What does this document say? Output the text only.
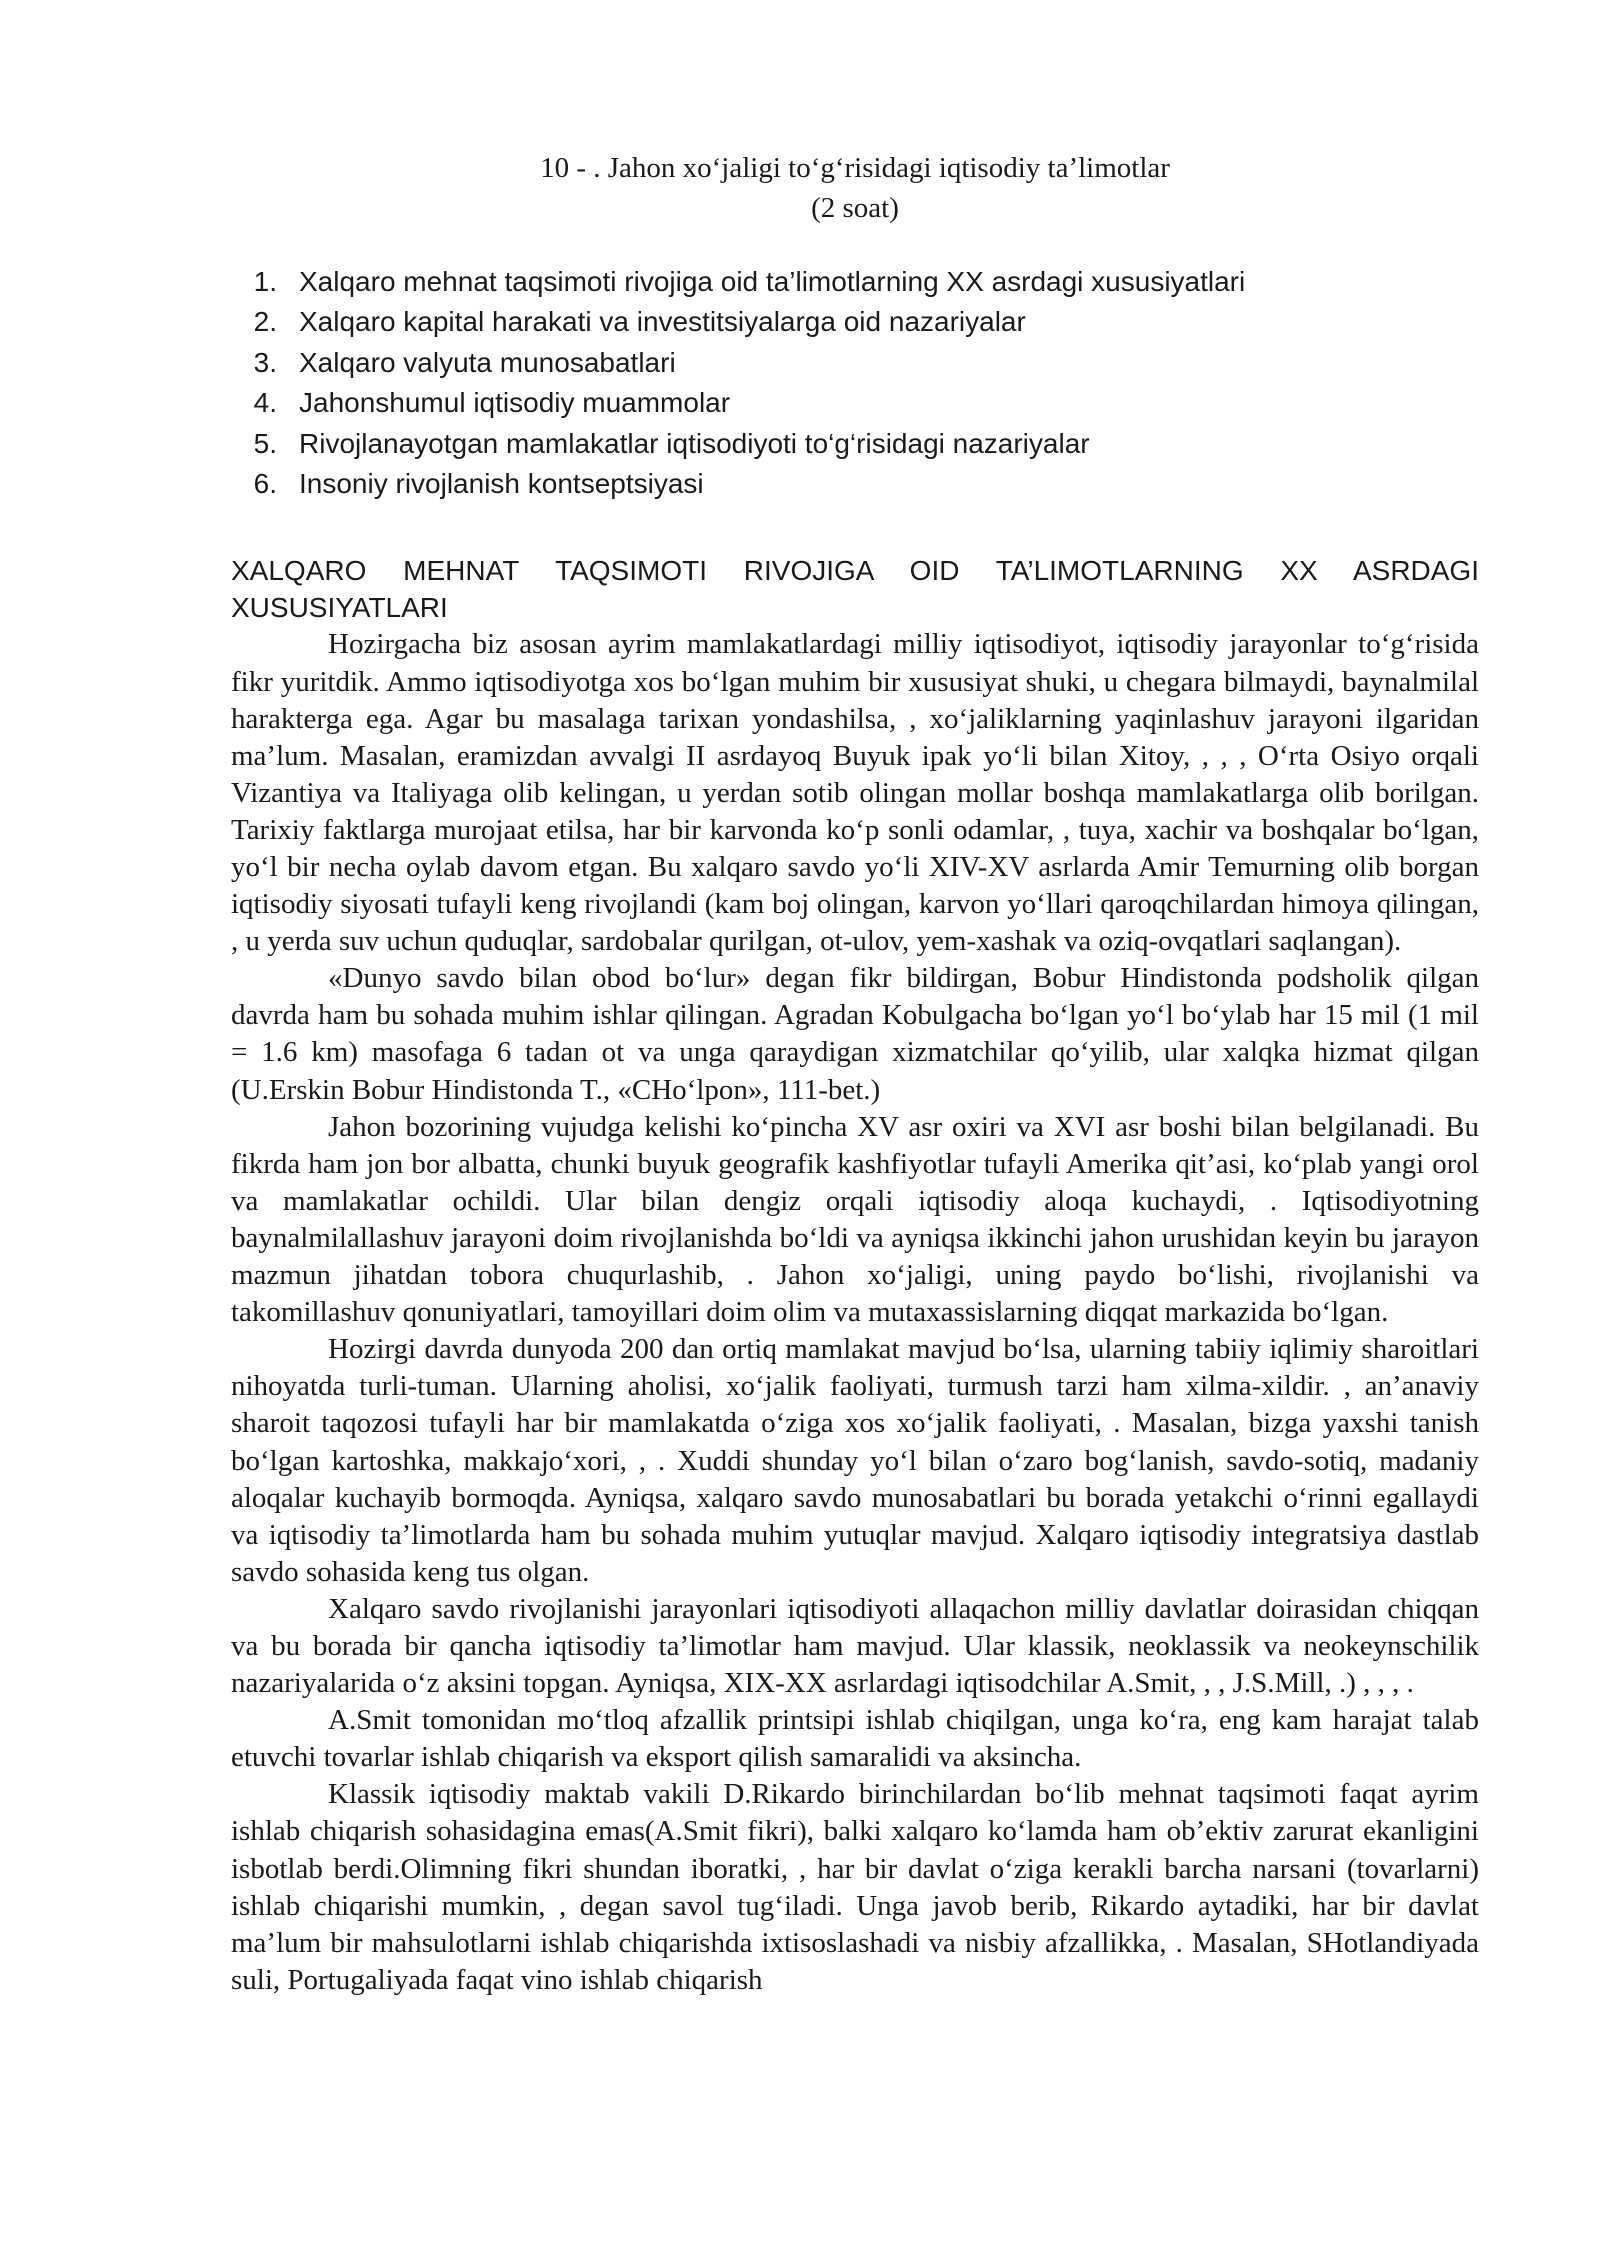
10 - . Jahon xo‘jaligi to‘g‘risidagi iqtisodiy ta’limotlar
(2 soat)
1. Xalqaro mehnat taqsimoti rivojiga oid ta’limotlarning XX asrdagi xususiyatlari
2. Xalqaro kapital harakati va investitsiyalarga oid nazariyalar
3. Xalqaro valyuta munosabatlari
4. Jahonshumul iqtisodiy muammolar
5. Rivojlanayotgan mamlakatlar iqtisodiyoti to‘g‘risidagi nazariyalar
6. Insoniy rivojlanish kontseptsiyasi
XALQARO MEHNAT TAQSIMOTI RIVOJIGA OID TA’LIMOTLARNING XX ASRDAGI XUSUSIYATLARI

Hozirgacha biz asosan ayrim mamlakatlardagi milliy iqtisodiyot, iqtisodiy jarayonlar to‘g‘risida fikr yuritdik. Ammo iqtisodiyotga xos bo‘lgan muhim bir xususiyat shuki, u chegara bilmaydi, baynalmilal harakterga ega. Agar bu masalaga tarixan yondashilsa, , xo‘jaliklarning yaqinlashuv jarayoni ilgaridan ma’lum. Masalan, eramizdan avvalgi II asrdayoq Buyuk ipak yo‘li bilan Xitoy, , , , O‘rta Osiyo orqali Vizantiya va Italiyaga olib kelingan, u yerdan sotib olingan mollar boshqa mamlakatlarga olib borilgan. Tarixiy faktlarga murojaat etilsa, har bir karvonda ko‘p sonli odamlar, , tuya, xachir va boshqalar bo‘lgan, yo‘l bir necha oylab davom etgan. Bu xalqaro savdo yo‘li XIV-XV asrlarda Amir Temurning olib borgan iqtisodiy siyosati tufayli keng rivojlandi (kam boj olingan, karvon yo‘llari qaroqchilardan himoya qilingan, , u yerda suv uchun quduqlar, sardobalar qurilgan, ot-ulov, yem-xashak va oziq-ovqatlari saqlangan).

«Dunyo savdo bilan obod bo‘lur» degan fikr bildirgan, Bobur Hindistonda podsholik qilgan davrda ham bu sohada muhim ishlar qilingan. Agradan Kobulgacha bo‘lgan yo‘l bo‘ylab har 15 mil (1 mil = 1.6 km) masofaga 6 tadan ot va unga qaraydigan xizmatchilar qo‘yilib, ular xalqka hizmat qilgan (U.Erskin Bobur Hindistonda T., «CHo‘lpon», 111-bet.)

Jahon bozorining vujudga kelishi ko‘pincha XV asr oxiri va XVI asr boshi bilan belgilanadi. Bu fikrda ham jon bor albatta, chunki buyuk geografik kashfiyotlar tufayli Amerika qit’asi, ko‘plab yangi orol va mamlakatlar ochildi. Ular bilan dengiz orqali iqtisodiy aloqa kuchaydi, . Iqtisodiyotning baynalmilallashuv jarayoni doim rivojlanishda bo‘ldi va ayniqsa ikkinchi jahon urushidan keyin bu jarayon mazmun jihatdan tobora chuqurlashib, . Jahon xo‘jaligi, uning paydo bo‘lishi, rivojlanishi va takomillashuv qonuniyatlari, tamoyillari doim olim va mutaxassislarning diqqat markazida bo‘lgan.

Hozirgi davrda dunyoda 200 dan ortiq mamlakat mavjud bo‘lsa, ularning tabiiy iqlimiy sharoitlari nihoyatda turli-tuman. Ularning aholisi, xo‘jalik faoliyati, turmush tarzi ham xilma-xildir. , an’anaviy sharoit taqozosi tufayli har bir mamlakatda o‘ziga xos xo‘jalik faoliyati, . Masalan, bizga yaxshi tanish bo‘lgan kartoshka, makkajo‘xori, , . Xuddi shunday yo‘l bilan o‘zaro bog‘lanish, savdo-sotiq, madaniy aloqalar kuchayib bormoqda. Ayniqsa, xalqaro savdo munosabatlari bu borada yetakchi o‘rinni egallaydi va iqtisodiy ta’limotlarda ham bu sohada muhim yutuqlar mavjud. Xalqaro iqtisodiy integratsiya dastlab savdo sohasida keng tus olgan.

Xalqaro savdo rivojlanishi jarayonlari iqtisodiyoti allaqachon milliy davlatlar doirasidan chiqqan va bu borada bir qancha iqtisodiy ta’limotlar ham mavjud. Ular klassik, neoklassik va neokeynschilik nazariyalarida o‘z aksini topgan. Ayniqsa, XIX-XX asrlardagi iqtisodchilar A.Smit, , , J.S.Mill, .) , , , .

A.Smit tomonidan mo‘tloq afzallik printsipi ishlab chiqilgan, unga ko‘ra, eng kam harajat talab etuvchi tovarlar ishlab chiqarish va eksport qilish samaralidi va aksincha.

Klassik iqtisodiy maktab vakili D.Rikardo birinchilardan bo‘lib mehnat taqsimoti faqat ayrim ishlab chiqarish sohasidagina emas(A.Smit fikri), balki xalqaro ko‘lamda ham ob’ektiv zarurat ekanligini isbotlab berdi.Olimning fikri shundan iboratki, , har bir davlat o‘ziga kerakli barcha narsani (tovarlarni) ishlab chiqarishi mumkin, , degan savol tug‘iladi. Unga javob berib, Rikardo aytadiki, har bir davlat ma’lum bir mahsulotlarni ishlab chiqarishda ixtisoslashadi va nisbiy afzallikka, . Masalan, SHotlandiyada suli, Portugaliyada faqat vino ishlab chiqarish
